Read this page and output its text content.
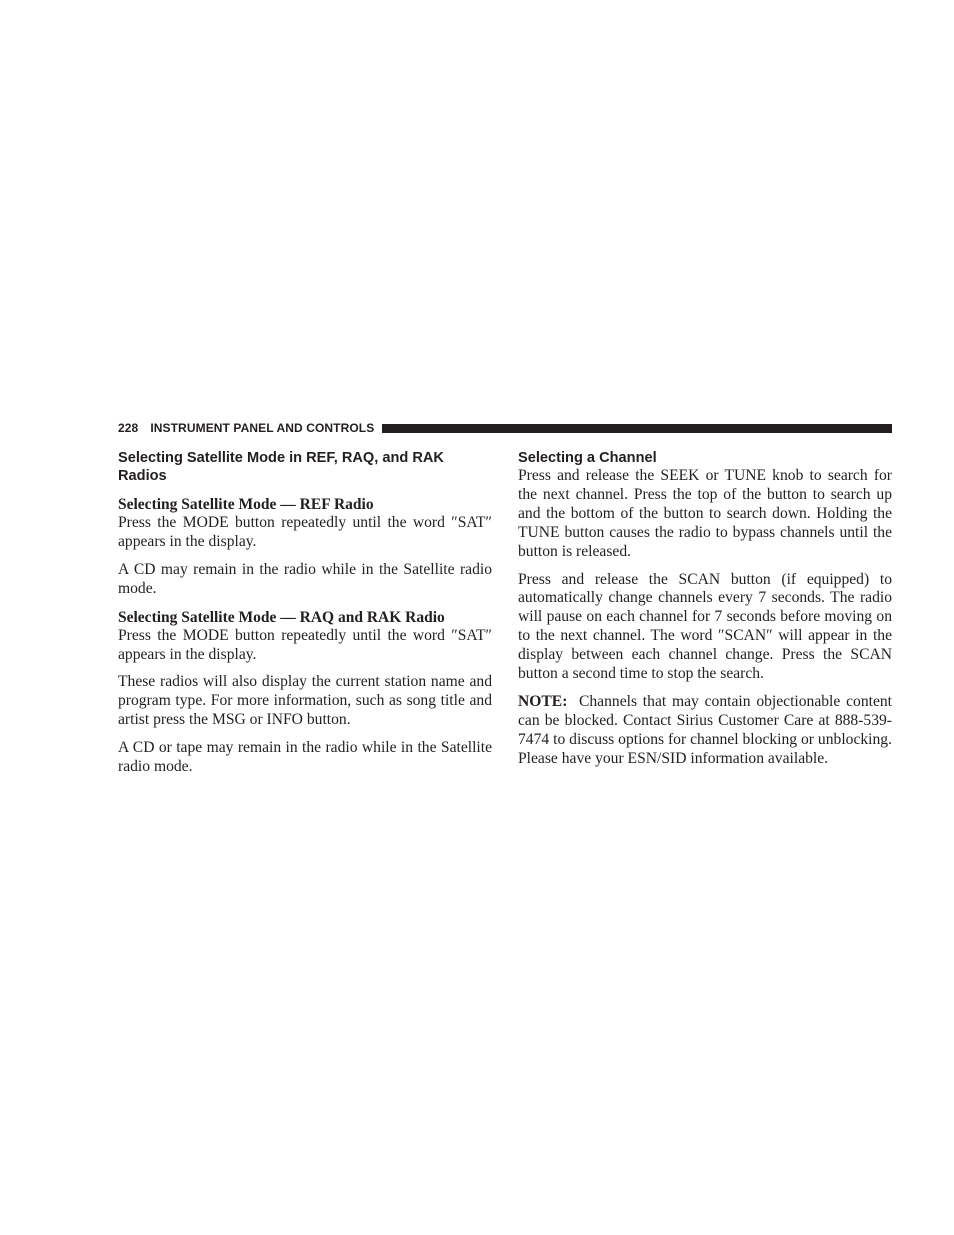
228 INSTRUMENT PANEL AND CONTROLS
Selecting Satellite Mode in REF, RAQ, and RAK Radios
Selecting Satellite Mode — REF Radio

Press the MODE button repeatedly until the word ″SAT″ appears in the display.

A CD may remain in the radio while in the Satellite radio mode.

Selecting Satellite Mode — RAQ and RAK Radio

Press the MODE button repeatedly until the word ″SAT″ appears in the display.

These radios will also display the current station name and program type. For more information, such as song title and artist press the MSG or INFO button.

A CD or tape may remain in the radio while in the Satellite radio mode.

Selecting a Channel

Press and release the SEEK or TUNE knob to search for the next channel. Press the top of the button to search up and the bottom of the button to search down. Holding the TUNE button causes the radio to bypass channels until the button is released.

Press and release the SCAN button (if equipped) to automatically change channels every 7 seconds. The radio will pause on each channel for 7 seconds before moving on to the next channel. The word ″SCAN″ will appear in the display between each channel change. Press the SCAN button a second time to stop the search.

NOTE: Channels that may contain objectionable content can be blocked. Contact Sirius Customer Care at 888-539-7474 to discuss options for channel blocking or unblocking. Please have your ESN/SID information available.
